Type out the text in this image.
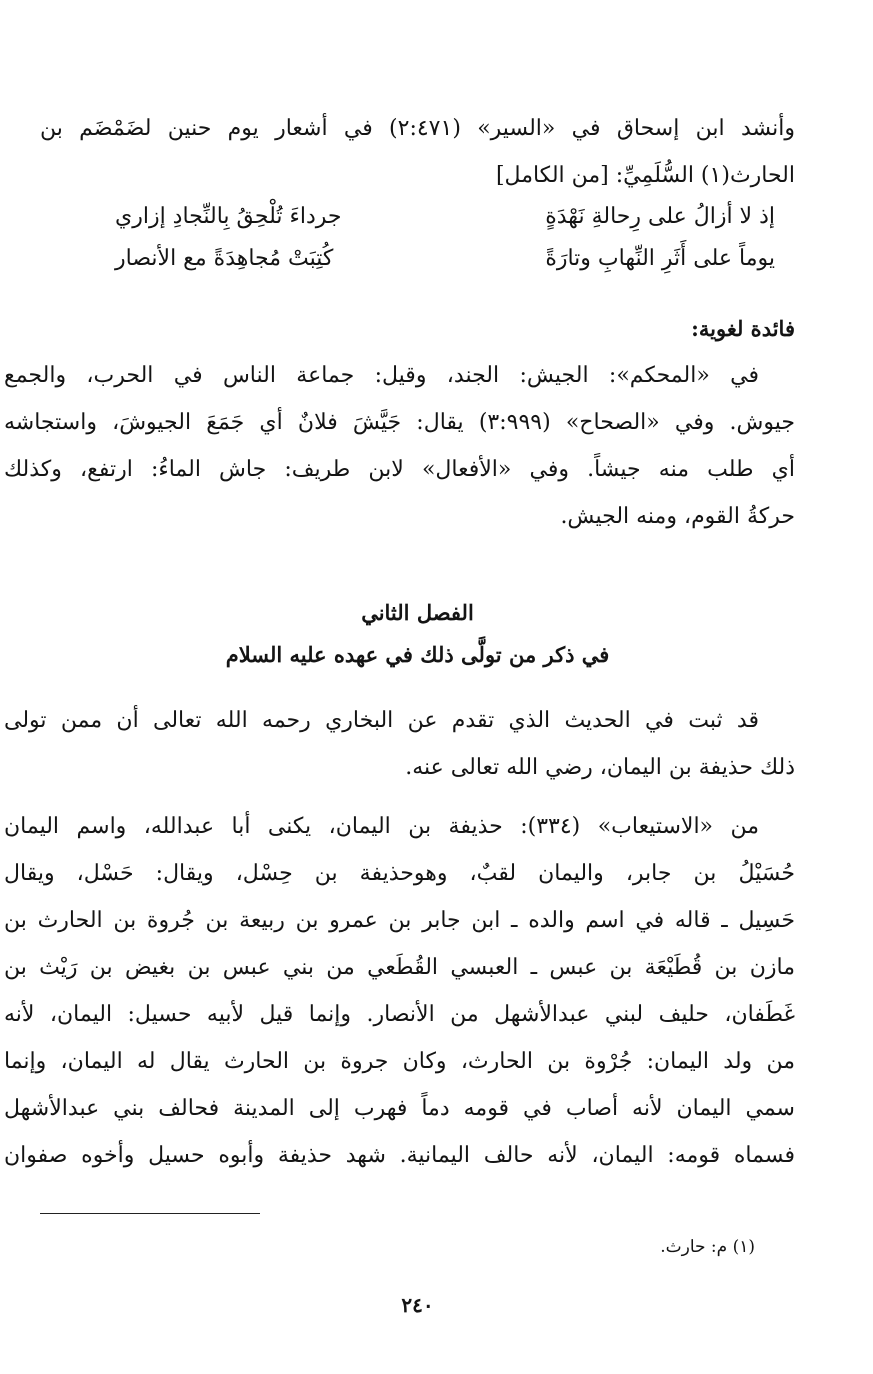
وأنشد ابن إسحاق في «السير» (٢:٤٧١) في أشعار يوم حنين لضَمْضَم بن
الحارث(١) السُّلَمِيِّ: [من الكامل]
إذ لا أزالُ على رِحالةِ نَهْدَةٍ
جرداءَ تُلْحِقُ بِالنِّجادِ إزاري
يوماً على أَثَرِ النِّهابِ وتارَةً
كُتِبَتْ مُجاهِدَةً مع الأنصار
فائدة لغوية:
في «المحكم»: الجيش: الجند، وقيل: جماعة الناس في الحرب، والجمع
جيوش. وفي «الصحاح» (٣:٩٩٩) يقال: جَيَّشَ فلانٌ أي جَمَعَ الجيوشَ، واستجاشه
أي طلب منه جيشاً. وفي «الأفعال» لابن طريف: جاش الماءُ: ارتفع، وكذلك
حركةُ القوم، ومنه الجيش.
الفصل الثاني
في ذكر من تولَّى ذلك في عهده عليه السلام
قد ثبت في الحديث الذي تقدم عن البخاري رحمه الله تعالى أن ممن تولى
ذلك حذيفة بن اليمان، رضي الله تعالى عنه.
من «الاستيعاب» (٣٣٤): حذيفة بن اليمان، يكنى أبا عبدالله، واسم اليمان
حُسَيْلُ بن جابر، واليمان لقبٌ، وهوحذيفة بن حِسْل، ويقال: حَسْل، ويقال
حَسِيل ـ قاله في اسم والده ـ ابن جابر بن عمرو بن ربيعة بن جُروة بن الحارث بن
مازن بن قُطَيْعَة بن عبس ـ العبسي القُطَعي من بني عبس بن بغيض بن رَيْث بن
غَطَفان، حليف لبني عبدالأشهل من الأنصار. وإنما قيل لأبيه حسيل: اليمان، لأنه
من ولد اليمان: جُرْوة بن الحارث، وكان جروة بن الحارث يقال له اليمان، وإنما
سمي اليمان لأنه أصاب في قومه دماً فهرب إلى المدينة فحالف بني عبدالأشهل
فسماه قومه: اليمان، لأنه حالف اليمانية. شهد حذيفة وأبوه حسيل وأخوه صفوان
(١) م: حارث.
٢٤٠
